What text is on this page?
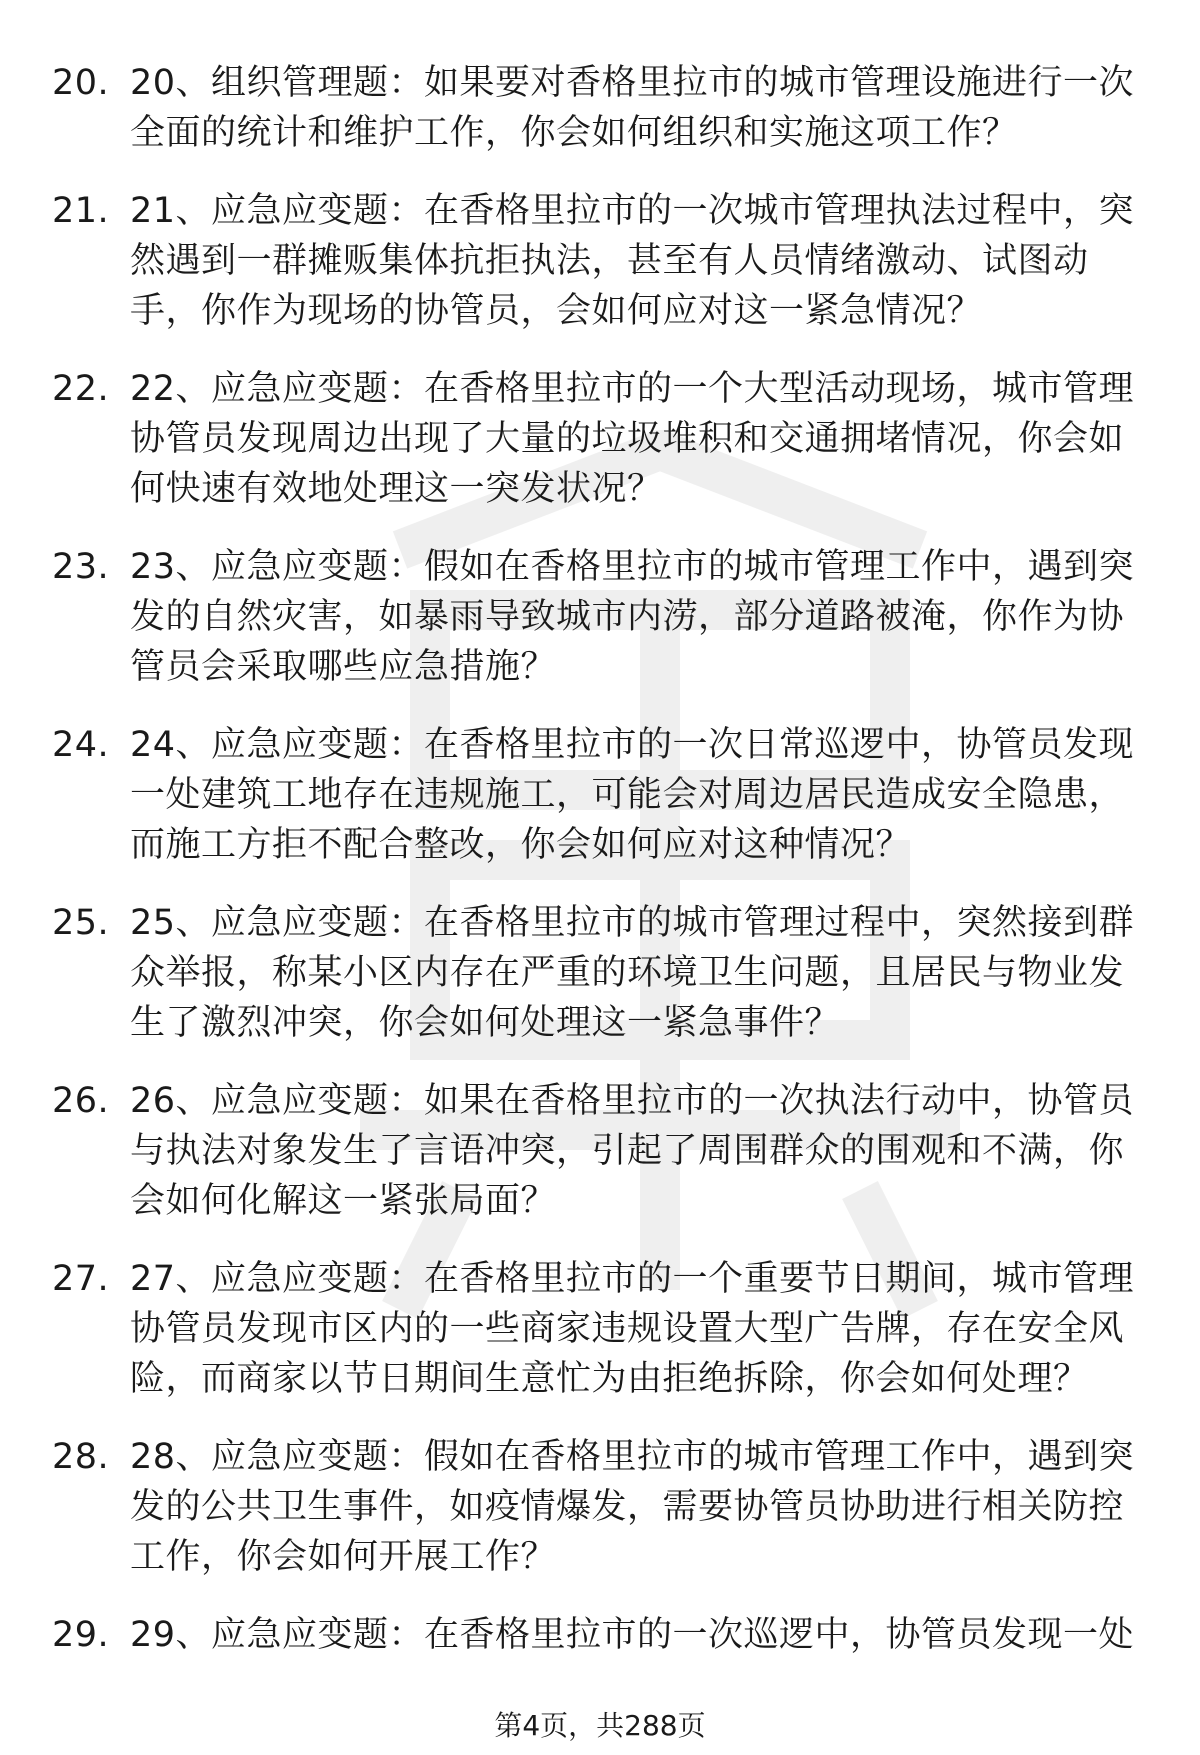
20. 20、组织管理题：如果要对香格里拉市的城市管理设施进行一次全面的统计和维护工作，你会如何组织和实施这项工作？
21. 21、应急应变题：在香格里拉市的一次城市管理执法过程中，突然遇到一群摊贩集体抗拒执法，甚至有人员情绪激动、试图动手，你作为现场的协管员，会如何应对这一紧急情况？
22. 22、应急应变题：在香格里拉市的一个大型活动现场，城市管理协管员发现周边出现了大量的垃圾堆积和交通拥堵情况，你会如何快速有效地处理这一突发状况？
23. 23、应急应变题：假如在香格里拉市的城市管理工作中，遇到突发的自然灾害，如暴雨导致城市内涝，部分道路被淹，你作为协管员会采取哪些应急措施？
24. 24、应急应变题：在香格里拉市的一次日常巡逻中，协管员发现一处建筑工地存在违规施工，可能会对周边居民造成安全隐患，而施工方拒不配合整改，你会如何应对这种情况？
25. 25、应急应变题：在香格里拉市的城市管理过程中，突然接到群众举报，称某小区内存在严重的环境卫生问题，且居民与物业发生了激烈冲突，你会如何处理这一紧急事件？
26. 26、应急应变题：如果在香格里拉市的一次执法行动中，协管员与执法对象发生了言语冲突，引起了周围群众的围观和不满，你会如何化解这一紧张局面？
27. 27、应急应变题：在香格里拉市的一个重要节日期间，城市管理协管员发现市区内的一些商家违规设置大型广告牌，存在安全风险，而商家以节日期间生意忙为由拒绝拆除，你会如何处理？
28. 28、应急应变题：假如在香格里拉市的城市管理工作中，遇到突发的公共卫生事件，如疫情爆发，需要协管员协助进行相关防控工作，你会如何开展工作？
29. 29、应急应变题：在香格里拉市的一次巡逻中，协管员发现一处
第4页，共288页
